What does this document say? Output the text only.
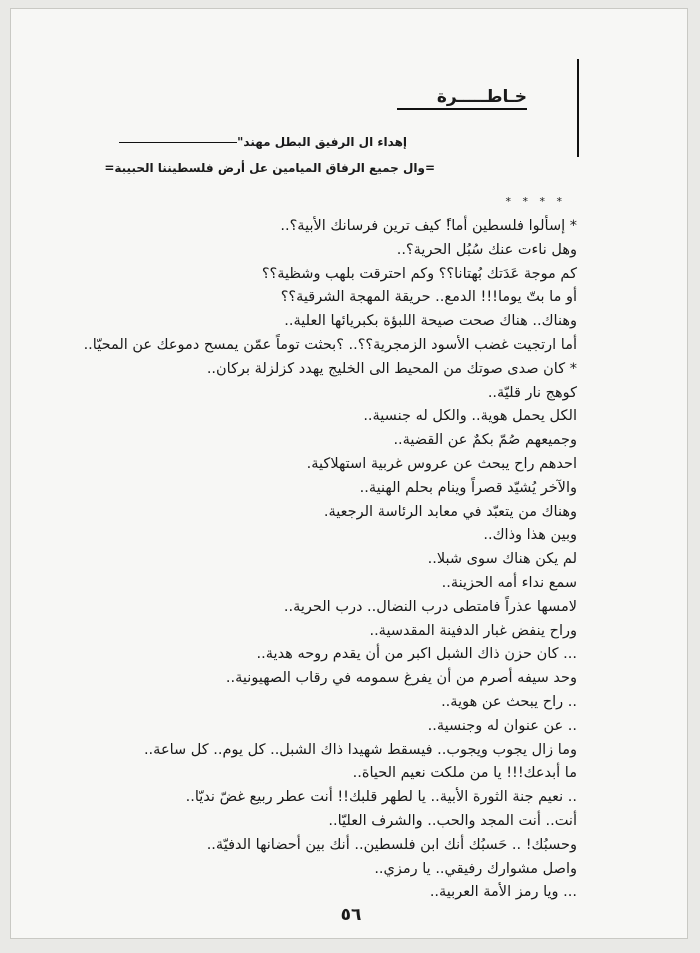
خـاطـــــرة
إهداء ال الرفيق البطل مهند"
=وال جميع الرفاق الميامين عل أرض فلسطيننا الحبيبة=
* * * *
* إسألوا فلسطين أما!ً كيف ترين فرسانك الأبية؟..
وهل ناءت عنك سُبُل الحرية؟..
كم موجة عَدَتك بُهتانا؟؟ وكم احترقت بلهب وشظية؟؟
أو ما بتّ يوما!!! الدمع.. حريقة المهجة الشرقية؟؟
وهناك.. هناك صحت صيحة اللبؤة بكبريائها العلية..
أما ارتجيت غضب الأسود الزمجرية؟؟.. ؟بحثت توماً عمّن يمسح دموعك عن المحيّا..
* كان صدى صوتك من المحيط الى الخليج يهدد كزلزلة بركان..
كوهج نار قليّة..
الكل يحمل هوية.. والكل له جنسية..
وجميعهم صُمّ بكمٌ عن القضية..
احدهم راح يبحث عن عروس غربية استهلاكية.
والآخر يُشيّد قصراً وينام بحلم الهنية..
وهناك من يتعبّد في معابد الرئاسة الرجعية.
وبين هذا وذاك..
لم يكن هناك سوى شبلا..
سمع نداء أمه الحزينة..
لامسها عذراً فامتطى درب النضال.. درب الحرية..
وراح ينفض غبار الدفينة المقدسية..
... كان حزن ذاك الشبل اكبر من أن يقدم روحه هدية..
وحد سيفه أصرم من أن يفرغ سمومه في رقاب الصهيونية..
.. راح يبحث عن هوية..
.. عن عنوان له وجنسية..
وما زال يجوب ويجوب.. فيسقط شهيدا ذاك الشبل.. كل يوم.. كل ساعة..
ما أبدعك!!! يا من ملكت نعيم الحياة..
.. نعيم جنة الثورة الأبية.. يا لطهر قلبك!! أنت عطر ربيع غضّ نديّا..
أنت.. أنت المجد والحب.. والشرف العليّا..
وحسبُك! .. حَسبُك أنك ابن فلسطين.. أنك بين أحضانها الدفيّة..
واصل مشوارك رفيقي.. يا رمزي..
... ويا رمز الأمة العربية..
٥٦
